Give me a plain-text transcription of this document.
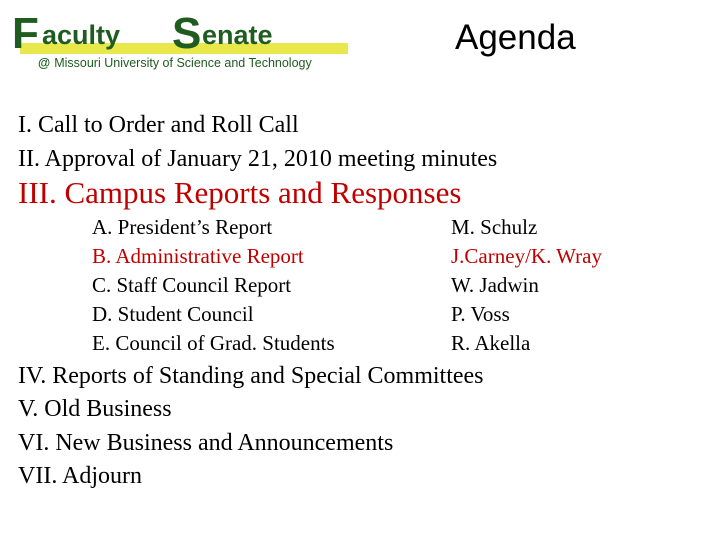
F aculty S enate
@ Missouri University of Science and Technology
Agenda
I. Call to Order and Roll Call
II. Approval of January 21, 2010 meeting minutes
III. Campus Reports and Responses
A. President’s Report	M. Schulz
B. Administrative Report	J.Carney/K. Wray
C. Staff Council Report	W. Jadwin
D. Student Council	P. Voss
E. Council of Grad. Students	R. Akella
IV. Reports of Standing and Special Committees
V. Old Business
VI. New Business and Announcements
VII. Adjourn
